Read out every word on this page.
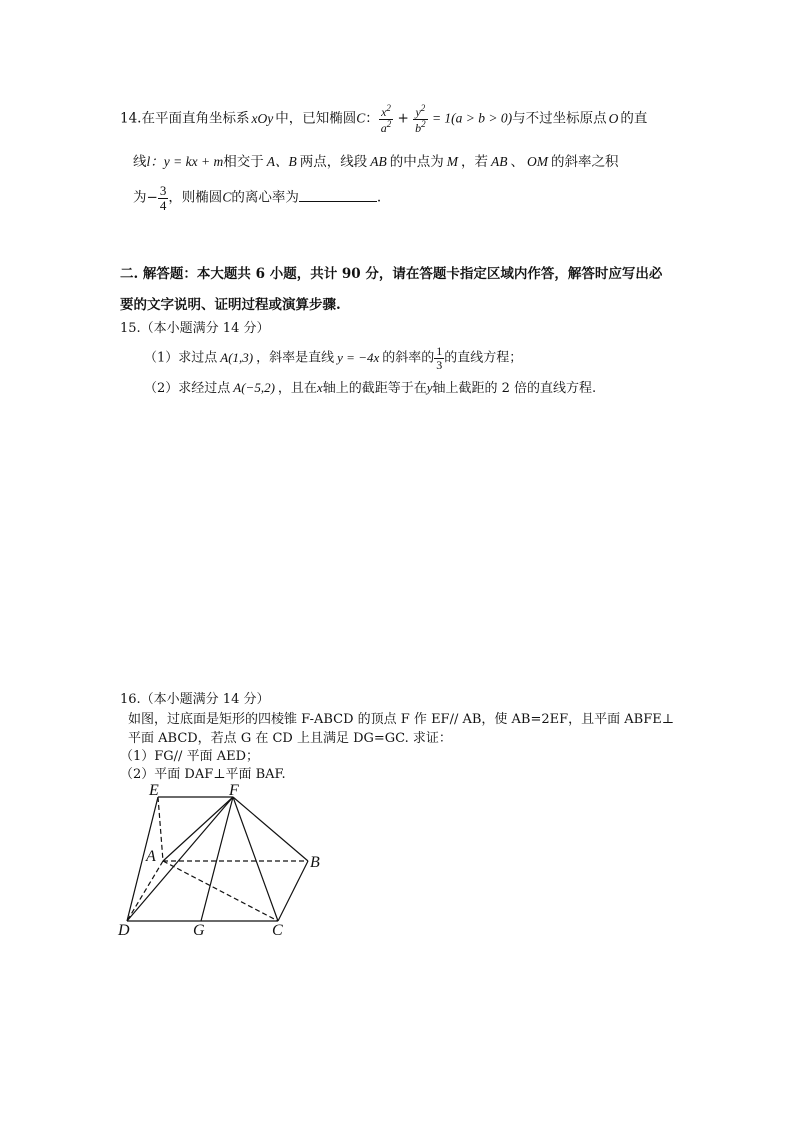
14.在平面直角坐标系 xOy 中，已知椭圆C： $\frac{x^2}{a^2} + \frac{y^2}{b^2} = 1(a > b > 0)$与不过坐标原点 O 的直
线l：y = kx + m相交于 A、B 两点，线段 AB 的中点为 M ，若 AB 、 OM 的斜率之积
为− $\frac{3}{4}$ ，则椭圆C的离心率为	.
二. 解答题：本大题共 6 小题，共计 90 分，请在答题卡指定区域内作答，解答时应写出必
要的文字说明、证明过程或演算步骤.
15.（本小题满分 14 分）
（1）求过点 A(1,3) ，斜率是直线 y = −4x 的斜率的 $\frac{1}{3}$ 的直线方程；
（2）求经过点 A(−5,2) ，且在x轴上的截距等于在y轴上截距的 2 倍的直线方程.
16.（本小题满分 14 分）
如图，过底面是矩形的四棱锥 F-ABCD 的顶点 F 作 EF// AB，使 AB=2EF，且平面 ABFE⊥
平面 ABCD，若点 G 在 CD 上且满足 DG=GC. 求证：
（1）FG// 平面 AED；
（2）平面 DAF⊥平面 BAF.
E	F
A	B
D	G	C
